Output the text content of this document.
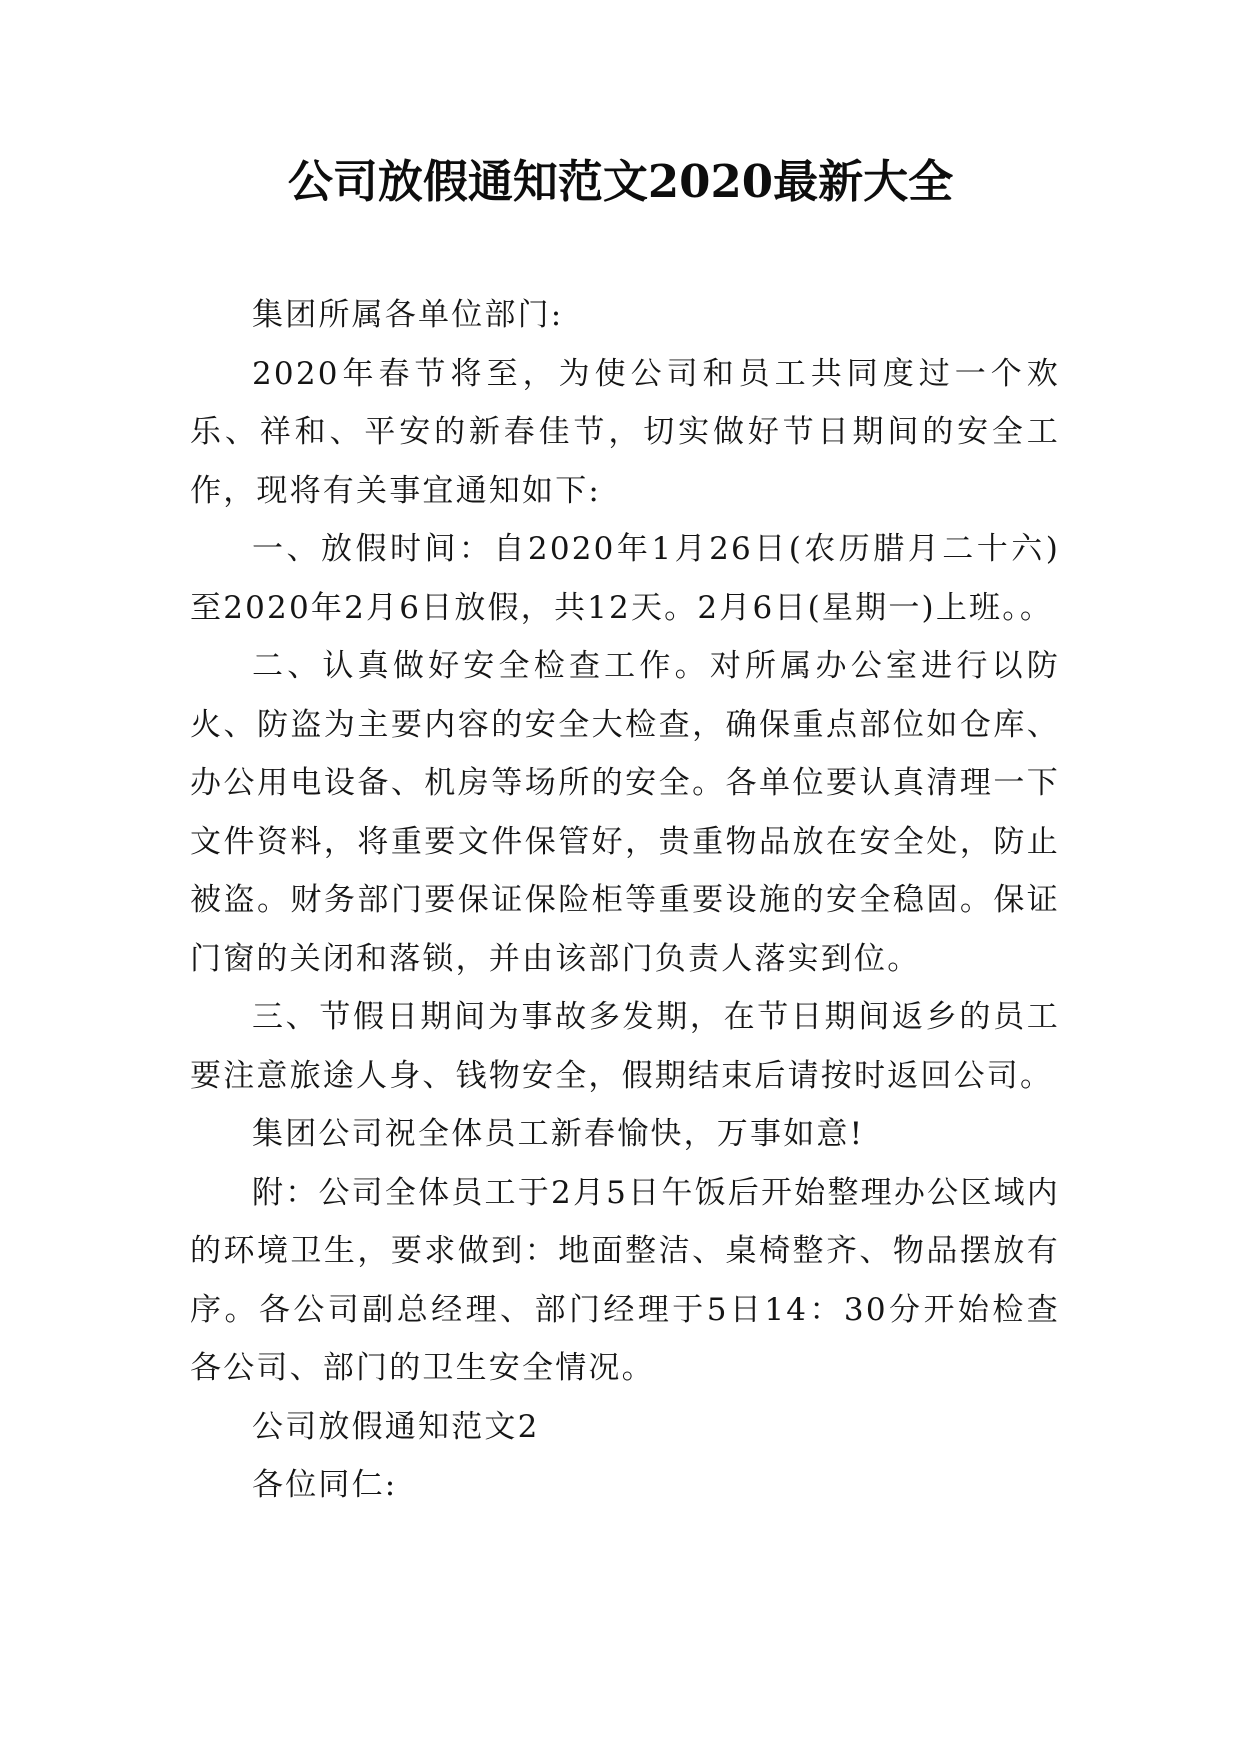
公司放假通知范文2020最新大全

集团所属各单位部门:

2020年春节将至，为使公司和员工共同度过一个欢乐、祥和、平安的新春佳节，切实做好节日期间的安全工作，现将有关事宜通知如下:

一、放假时间：自2020年1月26日(农历腊月二十六)至2020年2月6日放假，共12天。2月6日(星期一)上班。。

二、认真做好安全检查工作。对所属办公室进行以防火、防盗为主要内容的安全大检查，确保重点部位如仓库、办公用电设备、机房等场所的安全。各单位要认真清理一下文件资料，将重要文件保管好，贵重物品放在安全处，防止被盗。财务部门要保证保险柜等重要设施的安全稳固。保证门窗的关闭和落锁，并由该部门负责人落实到位。

三、节假日期间为事故多发期，在节日期间返乡的员工要注意旅途人身、钱物安全，假期结束后请按时返回公司。

集团公司祝全体员工新春愉快，万事如意!

附：公司全体员工于2月5日午饭后开始整理办公区域内的环境卫生，要求做到：地面整洁、桌椅整齐、物品摆放有序。各公司副总经理、部门经理于5日14：30分开始检查各公司、部门的卫生安全情况。

公司放假通知范文2

各位同仁:
